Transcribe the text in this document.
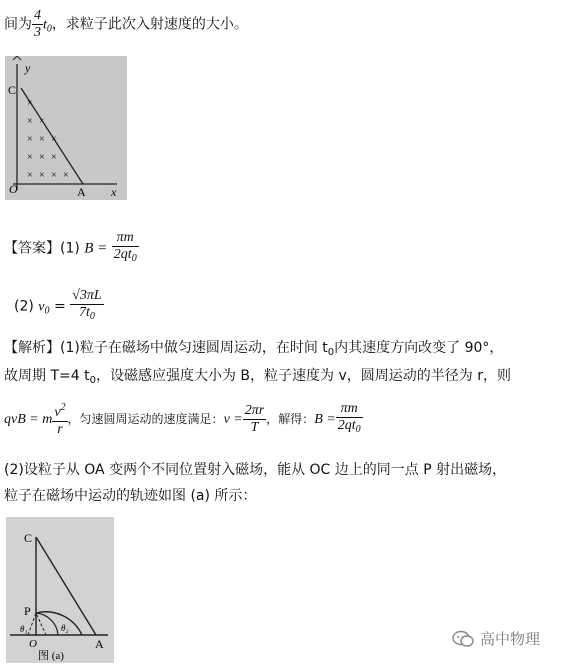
间为 $\frac{4}{3} t_0$，求粒子此次入射速度的大小。
y
C
O	A x
×
× ×
× × ×
× × ×
× × × ×
【答案】(1) $B = \frac{\pi m}{2qt_0}$
(2) $v_0 = \frac{√3\pi L}{7t_0}$
【解析】(1)粒子在磁场中做匀速圆周运动，在时间 $t_0$内其速度方向改变了 90°，
故周期 T=4 $t_0$，设磁感应强度大小为 B，粒子速度为 v，圆周运动的半径为 r，则
qvB = m $\frac{v^2}{r}$ ，匀速圆周运动的速度满足：$v = \frac{2\pi r}{T}$ ，解得：$B = \frac{\pi m}{2qt_0}$
(2)设粒子从 OA 变两个不同位置射入磁场，能从 OC 边上的同一点 P 射出磁场，
粒子在磁场中运动的轨迹如图 (a) 所示：
C
P
O	A
θ₁	θ₂
图 (a)
高中物理
